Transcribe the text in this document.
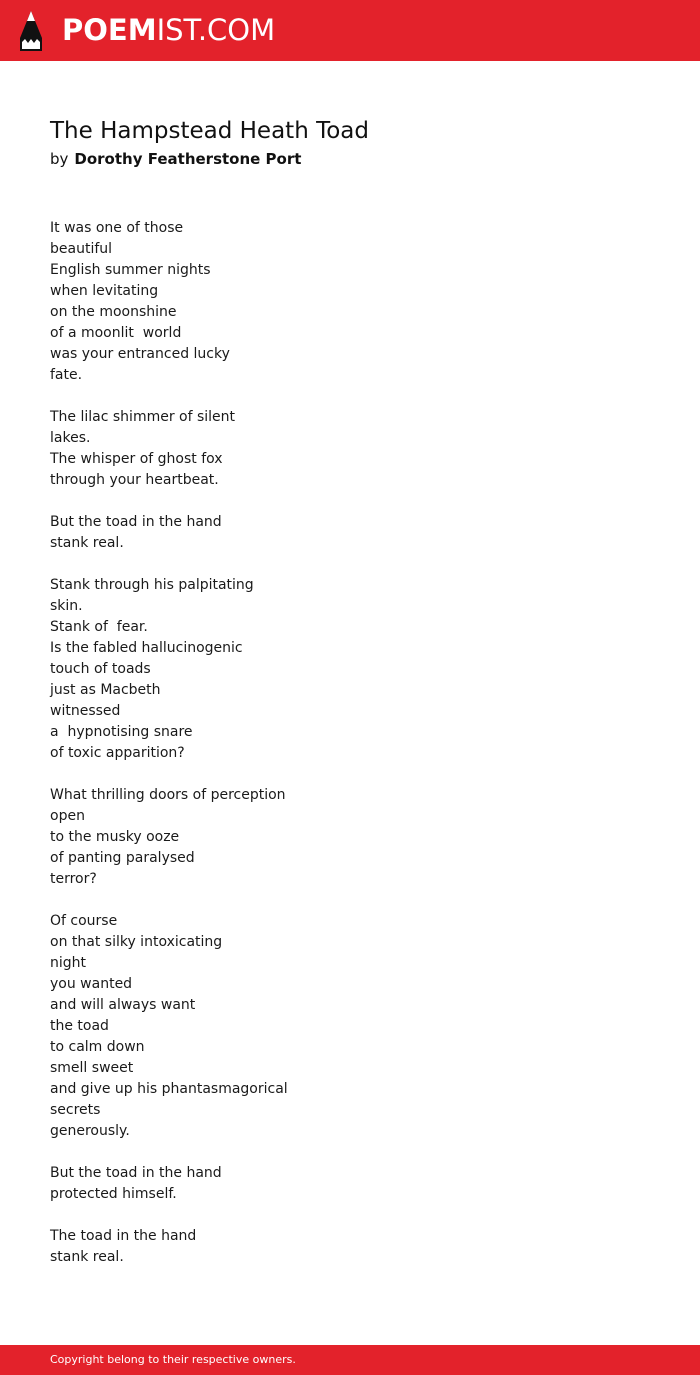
POEMIST.COM
The Hampstead Heath Toad
by Dorothy Featherstone Port
It was one of those
beautiful
English summer nights
when levitating
on the moonshine
of a moonlit  world
was your entranced lucky
fate.
The lilac shimmer of silent
lakes.
The whisper of ghost fox
through your heartbeat.
But the toad in the hand
stank real.
Stank through his palpitating
skin.
Stank of  fear.
Is the fabled hallucinogenic
touch of toads
just as Macbeth
witnessed
a  hypnotising snare
of toxic apparition?
What thrilling doors of perception
open
to the musky ooze
of panting paralysed
terror?
Of course
on that silky intoxicating
night
you wanted
and will always want
the toad
to calm down
smell sweet
and give up his phantasmagorical
secrets
generously.
But the toad in the hand
protected himself.
The toad in the hand
stank real.
Copyright belong to their respective owners.
